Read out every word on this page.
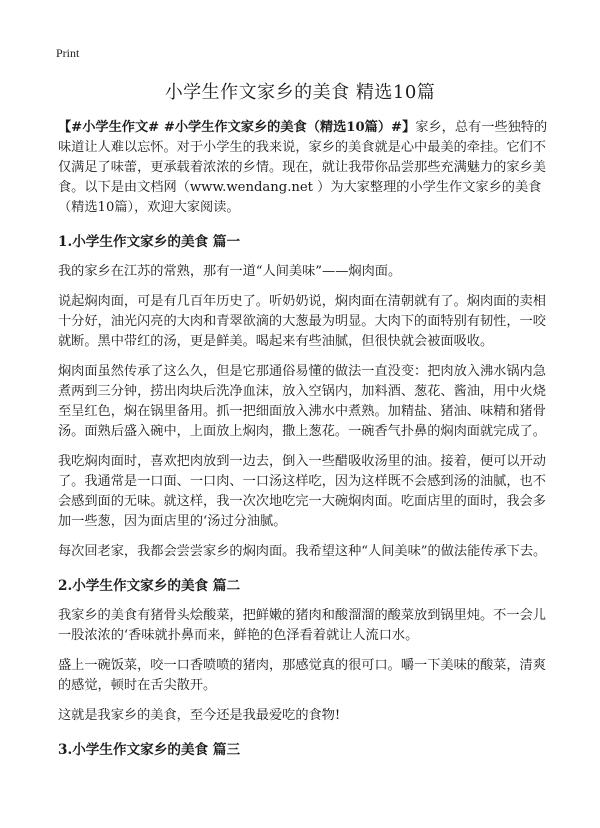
Print
小学生作文家乡的美食 精选10篇

【#小学生作文# #小学生作文家乡的美食（精选10篇）#】家乡，总有一些独特的味道让人难以忘怀。对于小学生的我来说，家乡的美食就是心中最美的牵挂。它们不仅满足了味蕾，更承载着浓浓的乡情。现在，就让我带你品尝那些充满魅力的家乡美食。以下是由文档网（www.wendang.net ）为大家整理的小学生作文家乡的美食（精选10篇），欢迎大家阅读。

1.小学生作文家乡的美食 篇一

我的家乡在江苏的常熟，那有一道“人间美味”——焖肉面。

说起焖肉面，可是有几百年历史了。听奶奶说，焖肉面在清朝就有了。焖肉面的卖相十分好，油光闪亮的大肉和青翠欲滴的大葱最为明显。大肉下的面特别有韧性，一咬就断。黑中带红的汤，更是鲜美。喝起来有些油腻，但很快就会被面吸收。

焖肉面虽然传承了这么久，但是它那通俗易懂的做法一直没变：把肉放入沸水锅内急煮两到三分钟，捞出肉块后洗净血沫，放入空锅内，加料酒、葱花、酱油，用中火烧至呈红色，焖在锅里备用。抓一把细面放入沸水中煮熟。加精盐、猪油、味精和猪骨汤。面熟后盛入碗中，上面放上焖肉，撒上葱花。一碗香气扑鼻的焖肉面就完成了。

我吃焖肉面时，喜欢把肉放到一边去，倒入一些醋吸收汤里的油。接着，便可以开动了。我通常是一口面、一口肉、一口汤这样吃，因为这样既不会感到汤的油腻，也不会感到面的无味。就这样，我一次次地吃完一大碗焖肉面。吃面店里的面时，我会多加一些葱，因为面店里的‘汤过分油腻。

每次回老家，我都会尝尝家乡的焖肉面。我希望这种“人间美味”的做法能传承下去。

2.小学生作文家乡的美食 篇二

我家乡的美食有猪骨头烩酸菜，把鲜嫩的猪肉和酸溜溜的酸菜放到锅里炖。不一会儿一股浓浓的‘香味就扑鼻而来，鲜艳的色泽看着就让人流口水。

盛上一碗饭菜，咬一口香喷喷的猪肉，那感觉真的很可口。嚼一下美味的酸菜，清爽的感觉，顿时在舌尖散开。

这就是我家乡的美食，至今还是我最爱吃的食物!

3.小学生作文家乡的美食 篇三
